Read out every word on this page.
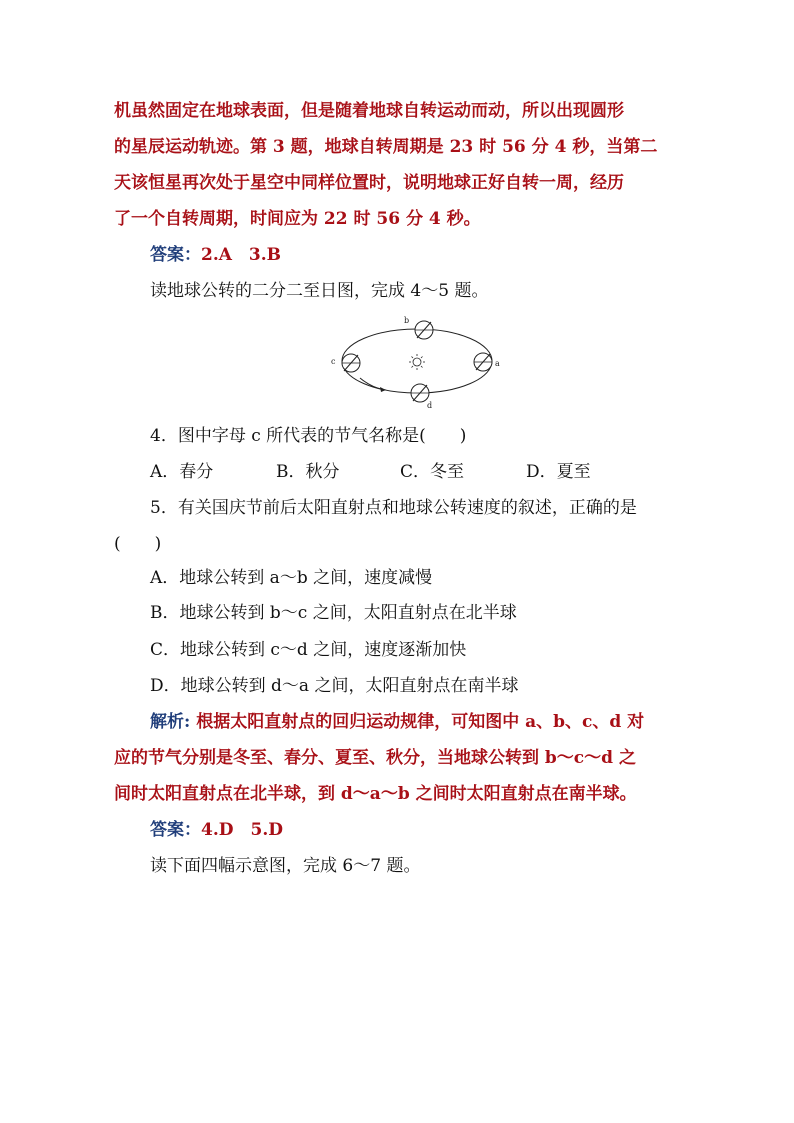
机虽然固定在地球表面，但是随着地球自转运动而动，所以出现圆形
的星辰运动轨迹。第 3 题，地球自转周期是 23 时 56 分 4 秒，当第二
天该恒星再次处于星空中同样位置时，说明地球正好自转一周，经历
了一个自转周期，时间应为 22 时 56 分 4 秒。
答案：2.A　3.B
读地球公转的二分二至日图，完成 4～5 题。
b
c	a
d
4．图中字母 c 所代表的节气名称是(　　)
A．春分	B．秋分	C．冬至	D．夏至
5．有关国庆节前后太阳直射点和地球公转速度的叙述，正确的是
(　　)
A．地球公转到 a～b 之间，速度减慢
B．地球公转到 b～c 之间，太阳直射点在北半球
C．地球公转到 c～d 之间，速度逐渐加快
D．地球公转到 d～a 之间，太阳直射点在南半球
解析: 根据太阳直射点的回归运动规律，可知图中 a、b、c、d 对
应的节气分别是冬至、春分、夏至、秋分，当地球公转到 b～c～d 之
间时太阳直射点在北半球，到 d～a～b 之间时太阳直射点在南半球。
答案：4.D　5.D
读下面四幅示意图，完成 6～7 题。
